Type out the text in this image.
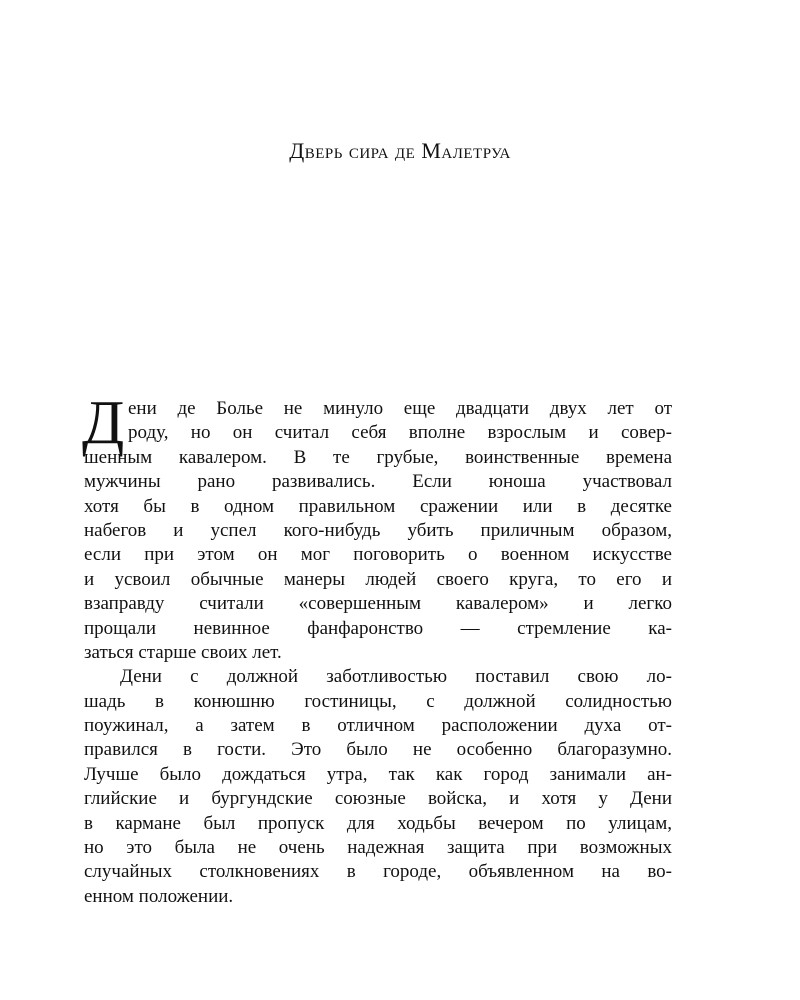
Дверь сира де Малетруа
Д ени де Болье не минуло еще двадцати двух лет от
роду, но он считал себя вполне взрослым и совер-
шенным кавалером. В те грубые, воинственные времена
мужчины рано развивались. Если юноша участвовал
хотя бы в одном правильном сражении или в десятке
набегов и успел кого-нибудь убить приличным образом,
если при этом он мог поговорить о военном искусстве
и усвоил обычные манеры людей своего круга, то его и
взаправду считали «совершенным кавалером» и легко
прощали невинное фанфаронство — стремление ка-
заться старше своих лет.
Дени с должной заботливостью поставил свою ло-
шадь в конюшню гостиницы, с должной солидностью
поужинал, а затем в отличном расположении духа от-
правился в гости. Это было не особенно благоразумно.
Лучше было дождаться утра, так как город занимали ан-
глийские и бургундские союзные войска, и хотя у Дени
в кармане был пропуск для ходьбы вечером по улицам,
но это была не очень надежная защита при возможных
случайных столкновениях в городе, объявленном на во-
енном положении.
